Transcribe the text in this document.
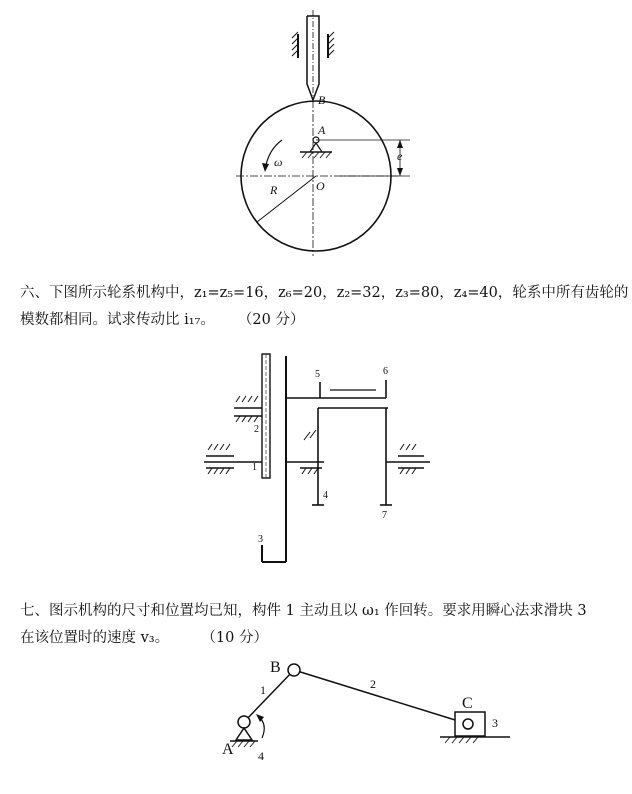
B
A
O
R
e
ω
六、下图所示轮系机构中，z₁=z₅=16，z₆=20，z₂=32，z₃=80，z₄=40，轮系中所有齿轮的
模数都相同。试求传动比 i₁₇。 （20 分）
1
2
3
4
5	6
7
七、图示机构的尺寸和位置均已知，构件 1 主动且以 ω₁ 作回转。要求用瞬心法求滑块 3
在该位置时的速度 v₃。 （10 分）
A
B
C
1	2
3
4
